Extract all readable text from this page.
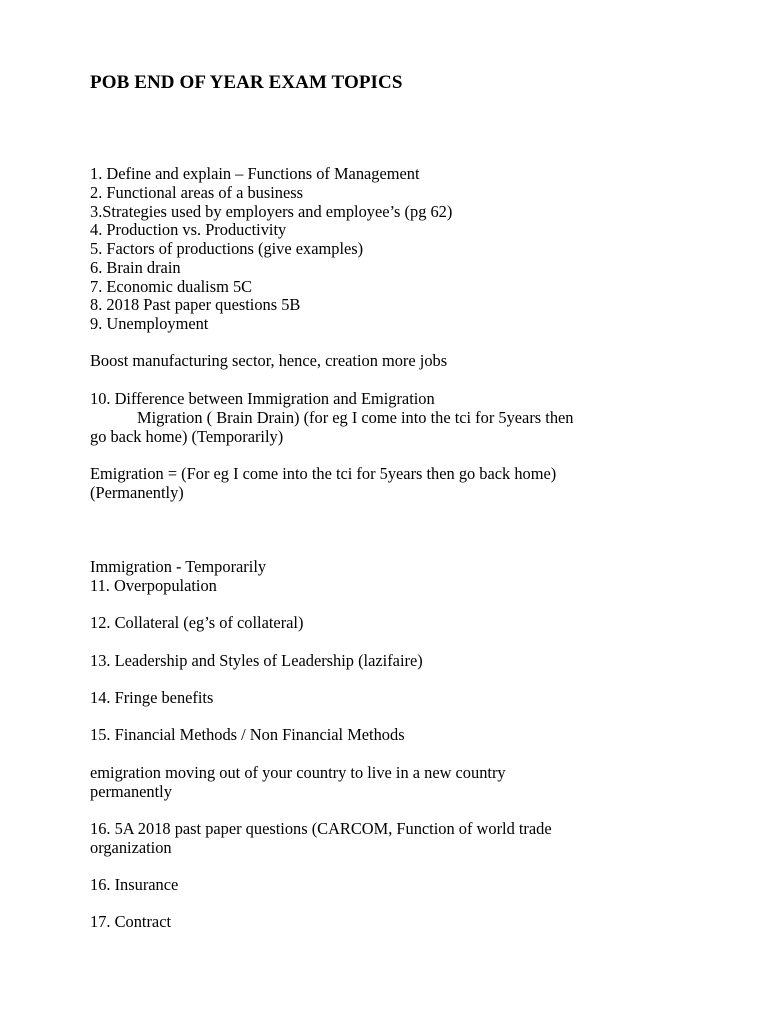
POB END OF YEAR EXAM TOPICS
1. Define and explain – Functions of Management
2. Functional areas of a business
3.Strategies used by employers and employee’s (pg 62)
4. Production vs. Productivity
5. Factors of productions (give examples)
6. Brain drain
7. Economic dualism 5C
8. 2018 Past paper questions 5B
9. Unemployment
Boost manufacturing sector, hence, creation more jobs
10. Difference between Immigration and Emigration
Migration ( Brain Drain) (for eg I come into the tci for 5years then
go back home) (Temporarily)
Emigration = (For eg I come into the tci for 5years then go back home)
(Permanently)
Immigration - Temporarily
11. Overpopulation
12. Collateral (eg’s of collateral)
13. Leadership and Styles of Leadership (lazifaire)
14. Fringe benefits
15. Financial Methods / Non Financial Methods
emigration moving out of your country to live in a new country
permanently
16. 5A 2018 past paper questions (CARCOM, Function of world trade
organization
16. Insurance
17. Contract
